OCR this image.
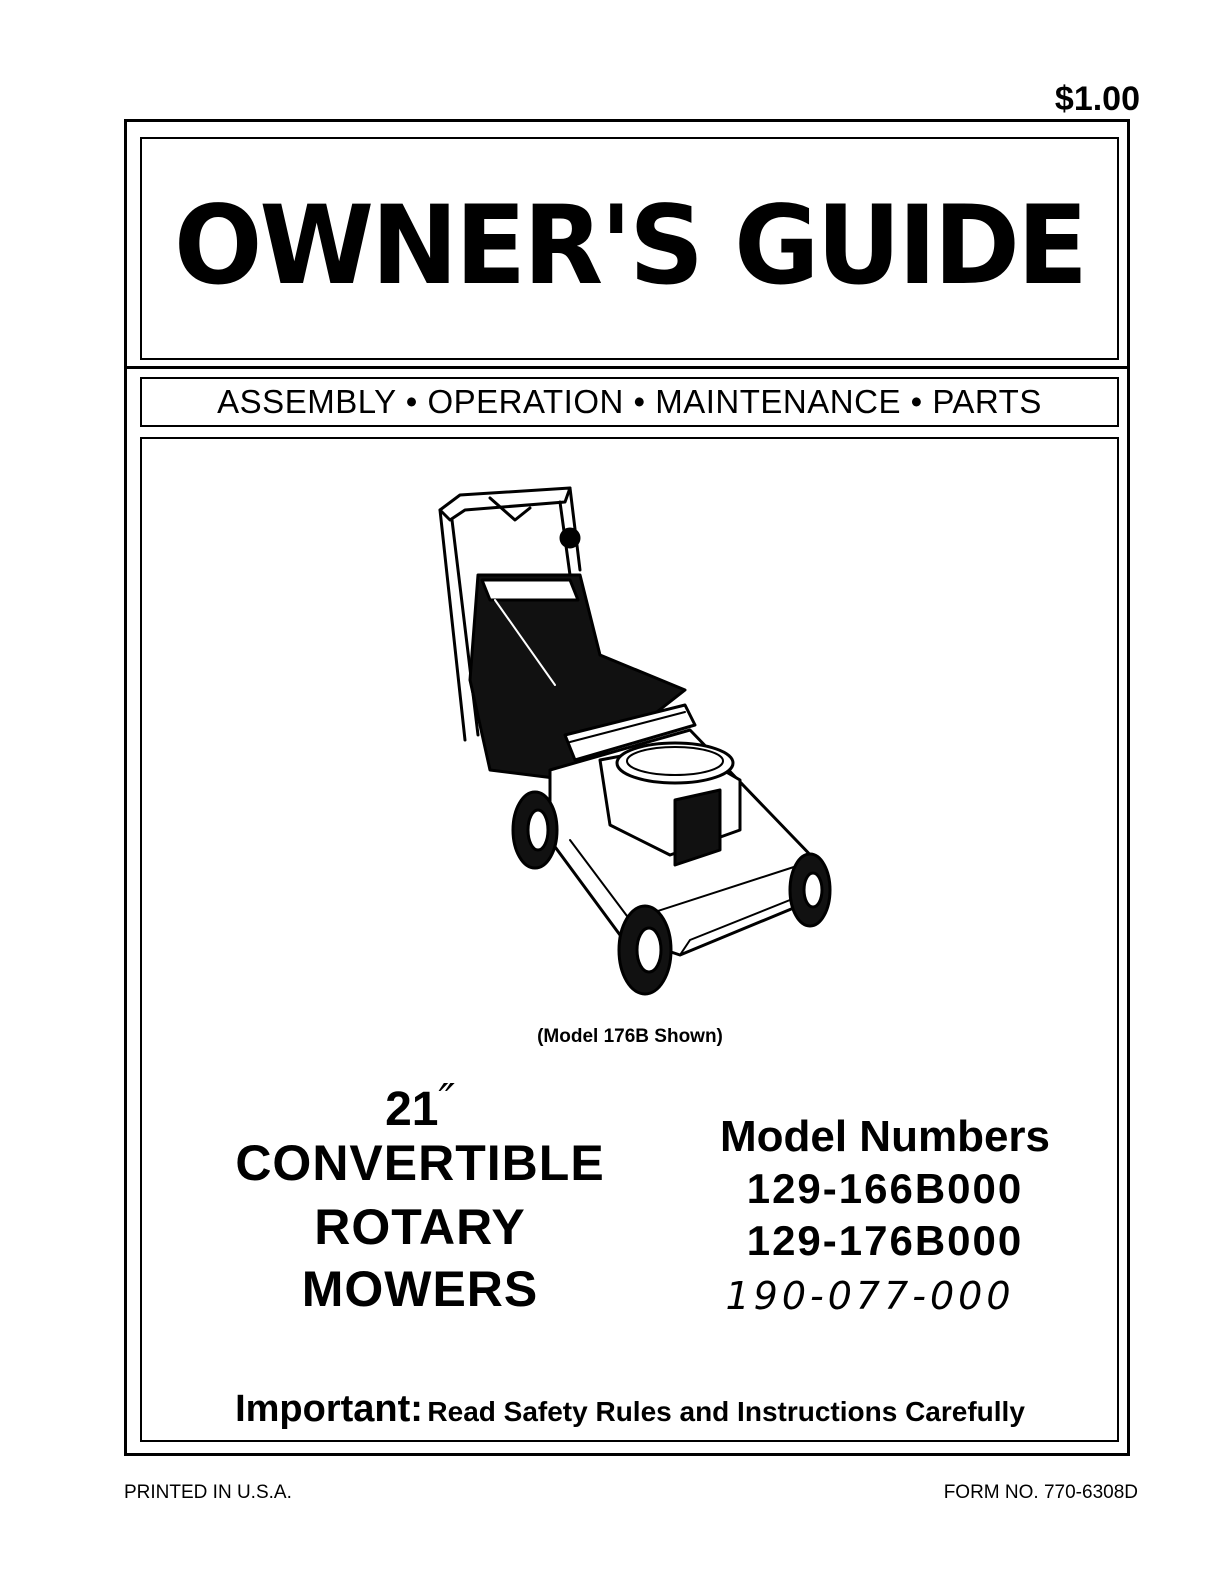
$1.00
OWNER'S GUIDE
ASSEMBLY • OPERATION • MAINTENANCE • PARTS
(Model 176B Shown)
21″
CONVERTIBLE
ROTARY
MOWERS
Model Numbers
129-166B000
129-176B000
190-077-000
Important: Read Safety Rules and Instructions Carefully
PRINTED IN U.S.A.	FORM NO. 770-6308D
